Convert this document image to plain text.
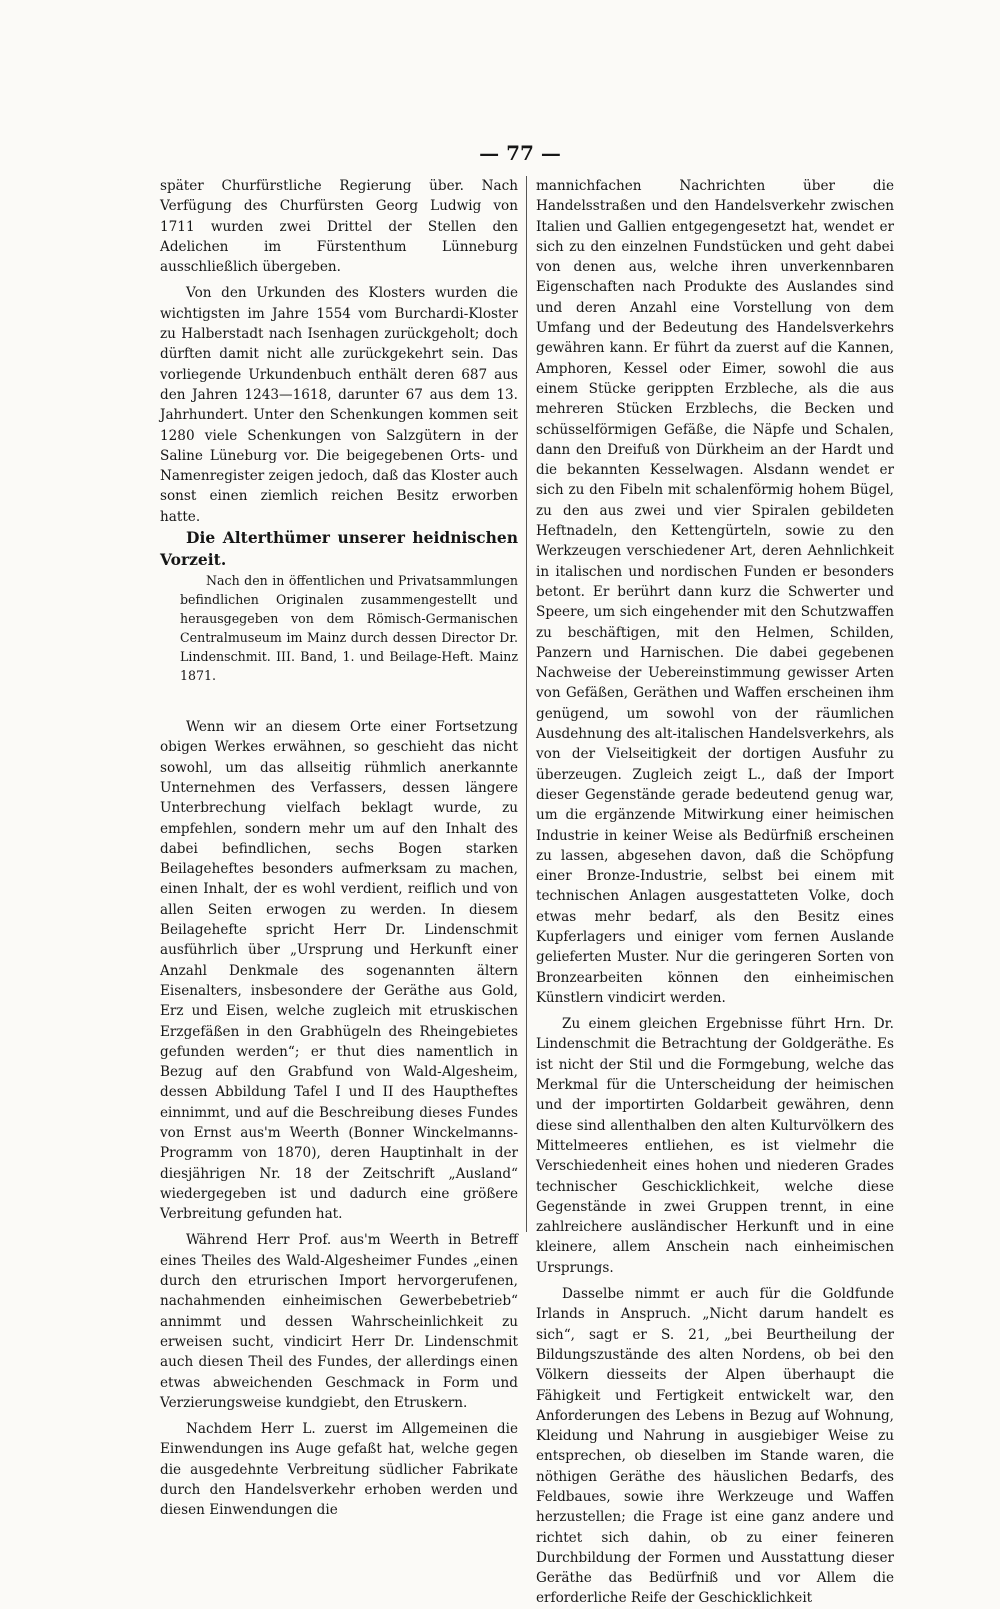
— 77 —

später Churfürstliche Regierung über. Nach Verfügung des Churfürsten Georg Ludwig von 1711 wurden zwei Drittel der Stellen den Adelichen im Fürstenthum Lünneburg ausschließlich übergeben.

Von den Urkunden des Klosters wurden die wichtigsten im Jahre 1554 vom Burchardi-Kloster zu Halberstadt nach Isenhagen zurückgeholt; doch dürften damit nicht alle zurückgekehrt sein. Das vorliegende Urkundenbuch enthält deren 687 aus den Jahren 1243—1618, darunter 67 aus dem 13. Jahrhundert. Unter den Schenkungen kommen seit 1280 viele Schenkungen von Salzgütern in der Saline Lüneburg vor. Die beigegebenen Orts- und Namenregister zeigen jedoch, daß das Kloster auch sonst einen ziemlich reichen Besitz erworben hatte.

Die Alterthümer unserer heidnischen Vorzeit.

Nach den in öffentlichen und Privatsammlungen befindlichen Originalen zusammengestellt und herausgegeben von dem Römisch-Germanischen Centralmuseum im Mainz durch dessen Director Dr. Lindenschmit. III. Band, 1. und Beilage-Heft. Mainz 1871.

Wenn wir an diesem Orte einer Fortsetzung obigen Werkes erwähnen, so geschieht das nicht sowohl, um das allseitig rühmlich anerkannte Unternehmen des Verfassers, dessen längere Unterbrechung vielfach beklagt wurde, zu empfehlen, sondern mehr um auf den Inhalt des dabei befindlichen, sechs Bogen starken Beilageheftes besonders aufmerksam zu machen, einen Inhalt, der es wohl verdient, reiflich und von allen Seiten erwogen zu werden. In diesem Beilagehefte spricht Herr Dr. Lindenschmit ausführlich über „Ursprung und Herkunft einer Anzahl Denkmale des sogenannten ältern Eisenalters, insbesondere der Geräthe aus Gold, Erz und Eisen, welche zugleich mit etruskischen Erzgefäßen in den Grabhügeln des Rheingebietes gefunden werden“; er thut dies namentlich in Bezug auf den Grabfund von Wald-Algesheim, dessen Abbildung Tafel I und II des Hauptheftes einnimmt, und auf die Beschreibung dieses Fundes von Ernst aus'm Weerth (Bonner Winckelmanns-Programm von 1870), deren Hauptinhalt in der diesjährigen Nr. 18 der Zeitschrift „Ausland“ wiedergegeben ist und dadurch eine größere Verbreitung gefunden hat.

Während Herr Prof. aus'm Weerth in Betreff eines Theiles des Wald-Algesheimer Fundes „einen durch den etrurischen Import hervorgerufenen, nachahmenden einheimischen Gewerbebetrieb“ annimmt und dessen Wahrscheinlichkeit zu erweisen sucht, vindicirt Herr Dr. Lindenschmit auch diesen Theil des Fundes, der allerdings einen etwas abweichenden Geschmack in Form und Verzierungsweise kundgiebt, den Etruskern.

Nachdem Herr L. zuerst im Allgemeinen die Einwendungen ins Auge gefaßt hat, welche gegen die ausgedehnte Verbreitung südlicher Fabrikate durch den Handelsverkehr erhoben werden und diesen Einwendungen die

mannichfachen Nachrichten über die Handelsstraßen und den Handelsverkehr zwischen Italien und Gallien entgegengesetzt hat, wendet er sich zu den einzelnen Fundstücken und geht dabei von denen aus, welche ihren unverkennbaren Eigenschaften nach Produkte des Auslandes sind und deren Anzahl eine Vorstellung von dem Umfang und der Bedeutung des Handelsverkehrs gewähren kann. Er führt da zuerst auf die Kannen, Amphoren, Kessel oder Eimer, sowohl die aus einem Stücke gerippten Erzbleche, als die aus mehreren Stücken Erzblechs, die Becken und schüsselförmigen Gefäße, die Näpfe und Schalen, dann den Dreifuß von Dürkheim an der Hardt und die bekannten Kesselwagen. Alsdann wendet er sich zu den Fibeln mit schalenförmig hohem Bügel, zu den aus zwei und vier Spiralen gebildeten Heftnadeln, den Kettengürteln, sowie zu den Werkzeugen verschiedener Art, deren Aehnlichkeit in italischen und nordischen Funden er besonders betont. Er berührt dann kurz die Schwerter und Speere, um sich eingehender mit den Schutzwaffen zu beschäftigen, mit den Helmen, Schilden, Panzern und Harnischen. Die dabei gegebenen Nachweise der Uebereinstimmung gewisser Arten von Gefäßen, Geräthen und Waffen erscheinen ihm genügend, um sowohl von der räumlichen Ausdehnung des alt-italischen Handelsverkehrs, als von der Vielseitigkeit der dortigen Ausfuhr zu überzeugen. Zugleich zeigt L., daß der Import dieser Gegenstände gerade bedeutend genug war, um die ergänzende Mitwirkung einer heimischen Industrie in keiner Weise als Bedürfniß erscheinen zu lassen, abgesehen davon, daß die Schöpfung einer Bronze-Industrie, selbst bei einem mit technischen Anlagen ausgestatteten Volke, doch etwas mehr bedarf, als den Besitz eines Kupferlagers und einiger vom fernen Auslande gelieferten Muster. Nur die geringeren Sorten von Bronzearbeiten können den einheimischen Künstlern vindicirt werden.

Zu einem gleichen Ergebnisse führt Hrn. Dr. Lindenschmit die Betrachtung der Goldgeräthe. Es ist nicht der Stil und die Formgebung, welche das Merkmal für die Unterscheidung der heimischen und der importirten Goldarbeit gewähren, denn diese sind allenthalben den alten Kulturvölkern des Mittelmeeres entliehen, es ist vielmehr die Verschiedenheit eines hohen und niederen Grades technischer Geschicklichkeit, welche diese Gegenstände in zwei Gruppen trennt, in eine zahlreichere ausländischer Herkunft und in eine kleinere, allem Anschein nach einheimischen Ursprungs.

Dasselbe nimmt er auch für die Goldfunde Irlands in Anspruch. „Nicht darum handelt es sich“, sagt er S. 21, „bei Beurtheilung der Bildungszustände des alten Nordens, ob bei den Völkern diesseits der Alpen überhaupt die Fähigkeit und Fertigkeit entwickelt war, den Anforderungen des Lebens in Bezug auf Wohnung, Kleidung und Nahrung in ausgiebiger Weise zu entsprechen, ob dieselben im Stande waren, die nöthigen Geräthe des häuslichen Bedarfs, des Feldbaues, sowie ihre Werkzeuge und Waffen herzustellen; die Frage ist eine ganz andere und richtet sich dahin, ob zu einer feineren Durchbildung der Formen und Ausstattung dieser Geräthe das Bedürfniß und vor Allem die erforderliche Reife der Geschicklichkeit
